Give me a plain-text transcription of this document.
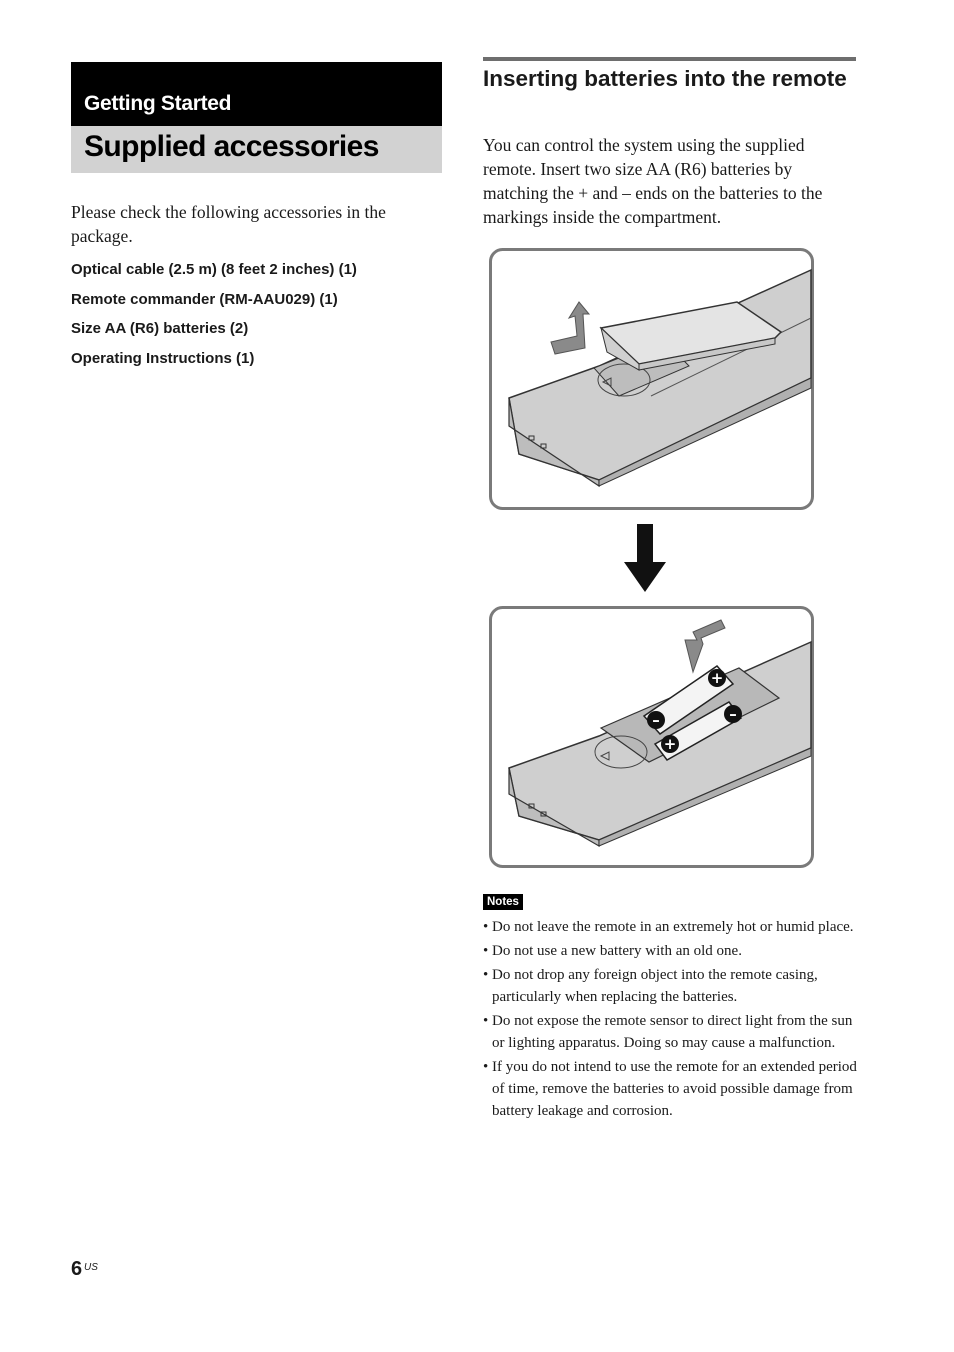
Getting Started
Supplied accessories
Please check the following accessories in the package.
Optical cable (2.5 m) (8 feet 2 inches) (1)
Remote commander (RM-AAU029) (1)
Size AA (R6) batteries (2)
Operating Instructions (1)
Inserting batteries into the remote
You can control the system using the supplied remote. Insert two size AA (R6) batteries by matching the + and – ends on the batteries to the markings inside the compartment.
+
–	–
+
Notes
• Do not leave the remote in an extremely hot or humid place.
• Do not use a new battery with an old one.
• Do not drop any foreign object into the remote casing, particularly when replacing the batteries.
• Do not expose the remote sensor to direct light from the sun or lighting apparatus. Doing so may cause a malfunction.
• If you do not intend to use the remote for an extended period of time, remove the batteries to avoid possible damage from battery leakage and corrosion.
6 US
